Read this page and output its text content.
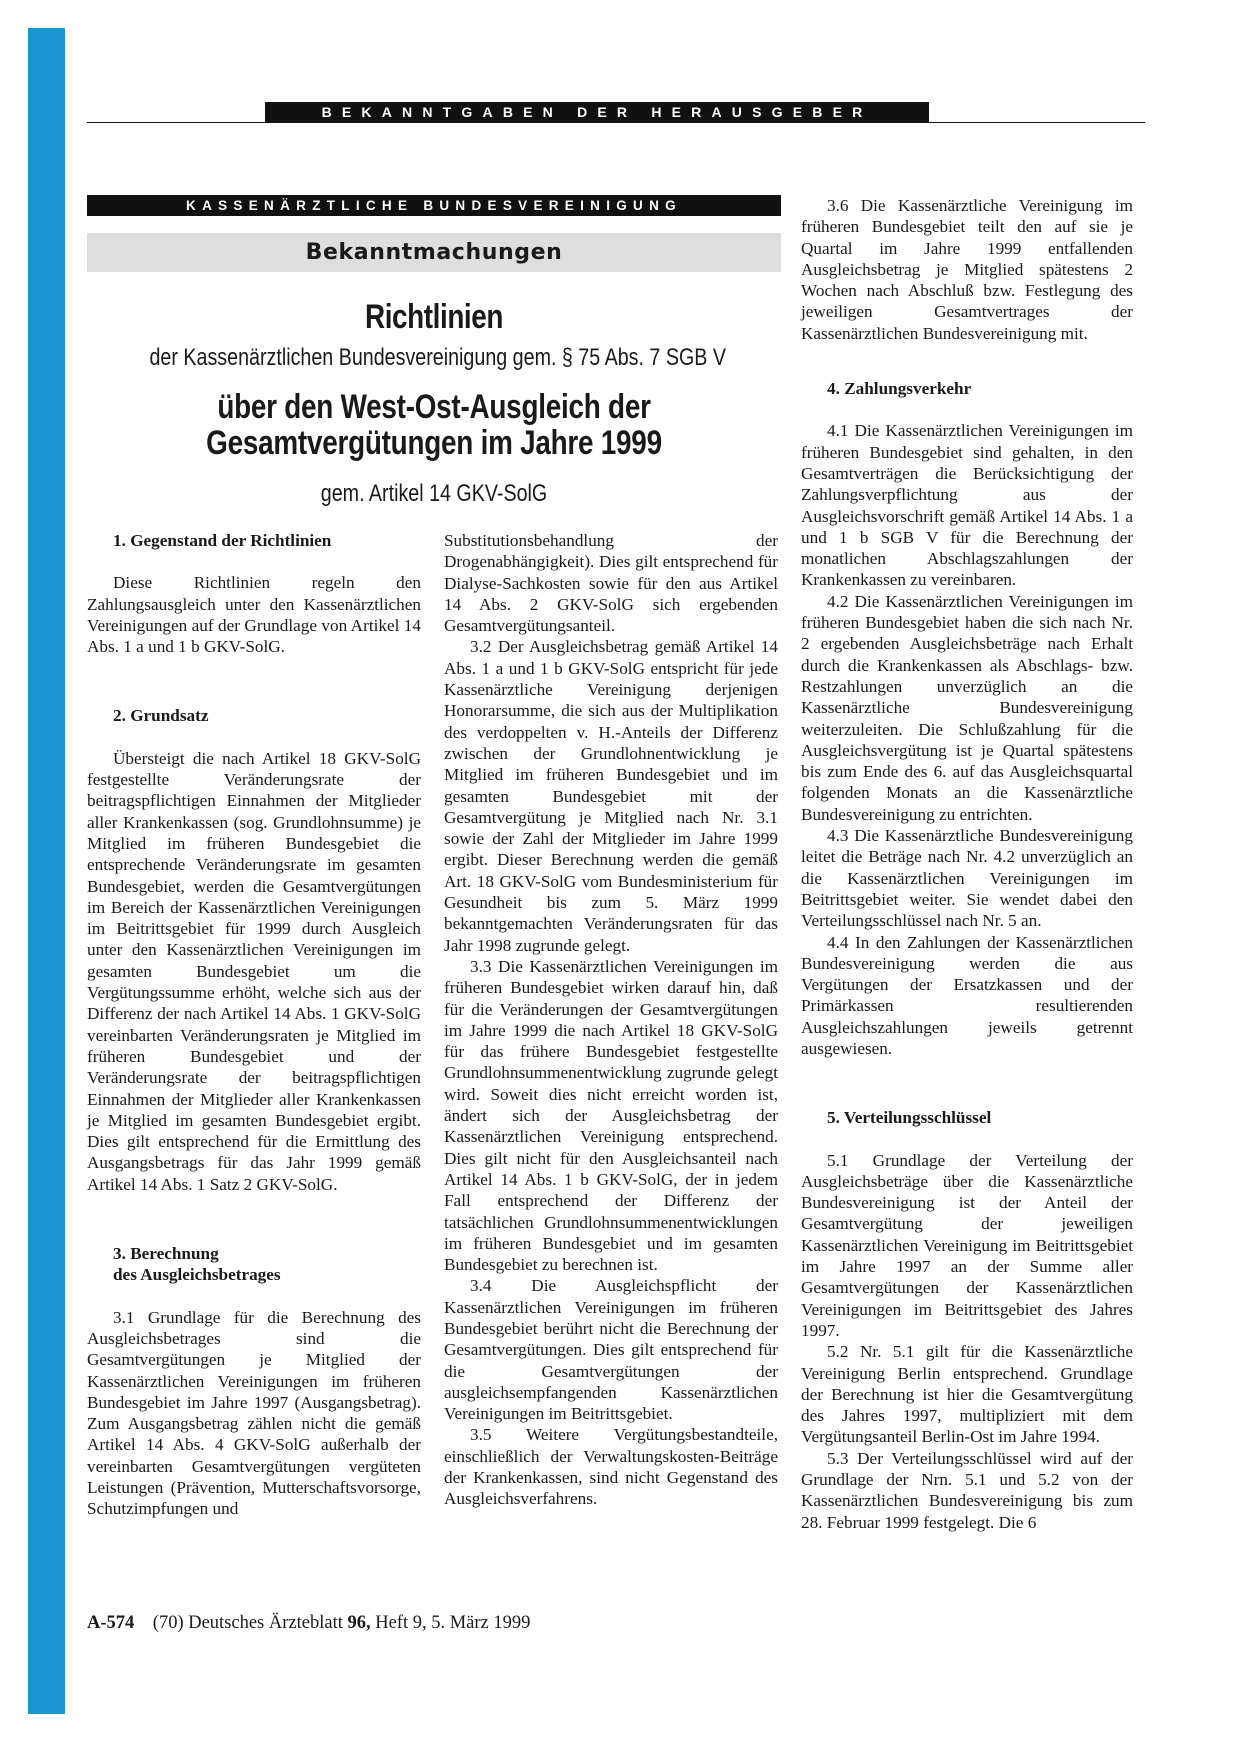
BEKANNTGABEN DER HERAUSGEBER
KASSENÄRZTLICHE BUNDESVEREINIGUNG
Bekanntmachungen
Richtlinien
der Kassenärztlichen Bundesvereinigung gem. § 75 Abs. 7 SGB V
über den West-Ost-Ausgleich der
Gesamtvergütungen im Jahre 1999
gem. Artikel 14 GKV-SolG
1. Gegenstand der Richtlinien

Diese Richtlinien regeln den Zahlungsausgleich unter den Kassenärztlichen Vereinigungen auf der Grundlage von Artikel 14 Abs. 1 a und 1 b GKV-SolG.

2. Grundsatz

Übersteigt die nach Artikel 18 GKV-SolG festgestellte Veränderungsrate der beitragspflichtigen Einnahmen der Mitglieder aller Krankenkassen (sog. Grundlohnsumme) je Mitglied im früheren Bundesgebiet die entsprechende Veränderungsrate im gesamten Bundesgebiet, werden die Gesamtvergütungen im Bereich der Kassenärztlichen Vereinigungen im Beitrittsgebiet für 1999 durch Ausgleich unter den Kassenärztlichen Vereinigungen im gesamten Bundesgebiet um die Vergütungssumme erhöht, welche sich aus der Differenz der nach Artikel 14 Abs. 1 GKV-SolG vereinbarten Veränderungsraten je Mitglied im früheren Bundesgebiet und der Veränderungsrate der beitragspflichtigen Einnahmen der Mitglieder aller Krankenkassen je Mitglied im gesamten Bundesgebiet ergibt. Dies gilt entsprechend für die Ermittlung des Ausgangsbetrags für das Jahr 1999 gemäß Artikel 14 Abs. 1 Satz 2 GKV-SolG.

3. Berechnung
des Ausgleichsbetrages

3.1 Grundlage für die Berechnung des Ausgleichsbetrages sind die Gesamtvergütungen je Mitglied der Kassenärztlichen Vereinigungen im früheren Bundesgebiet im Jahre 1997 (Ausgangsbetrag). Zum Ausgangsbetrag zählen nicht die gemäß Artikel 14 Abs. 4 GKV-SolG außerhalb der vereinbarten Gesamtvergütungen vergüteten Leistungen (Prävention, Mutterschaftsvorsorge, Schutzimpfungen und

Substitutionsbehandlung der Drogenabhängigkeit). Dies gilt entsprechend für Dialyse-Sachkosten sowie für den aus Artikel 14 Abs. 2 GKV-SolG sich ergebenden Gesamtvergütungsanteil.

3.2 Der Ausgleichsbetrag gemäß Artikel 14 Abs. 1 a und 1 b GKV-SolG entspricht für jede Kassenärztliche Vereinigung derjenigen Honorarsumme, die sich aus der Multiplikation des verdoppelten v. H.-Anteils der Differenz zwischen der Grundlohnentwicklung je Mitglied im früheren Bundesgebiet und im gesamten Bundesgebiet mit der Gesamtvergütung je Mitglied nach Nr. 3.1 sowie der Zahl der Mitglieder im Jahre 1999 ergibt. Dieser Berechnung werden die gemäß Art. 18 GKV-SolG vom Bundesministerium für Gesundheit bis zum 5. März 1999 bekanntgemachten Veränderungsraten für das Jahr 1998 zugrunde gelegt.

3.3 Die Kassenärztlichen Vereinigungen im früheren Bundesgebiet wirken darauf hin, daß für die Veränderungen der Gesamtvergütungen im Jahre 1999 die nach Artikel 18 GKV-SolG für das frühere Bundesgebiet festgestellte Grundlohnsummenentwicklung zugrunde gelegt wird. Soweit dies nicht erreicht worden ist, ändert sich der Ausgleichsbetrag der Kassenärztlichen Vereinigung entsprechend. Dies gilt nicht für den Ausgleichsanteil nach Artikel 14 Abs. 1 b GKV-SolG, der in jedem Fall entsprechend der Differenz der tatsächlichen Grundlohnsummenentwicklungen im früheren Bundesgebiet und im gesamten Bundesgebiet zu berechnen ist.

3.4 Die Ausgleichspflicht der Kassenärztlichen Vereinigungen im früheren Bundesgebiet berührt nicht die Berechnung der Gesamtvergütungen. Dies gilt entsprechend für die Gesamtvergütungen der ausgleichsempfangenden Kassenärztlichen Vereinigungen im Beitrittsgebiet.

3.5 Weitere Vergütungsbestandteile, einschließlich der Verwaltungskosten-Beiträge der Krankenkassen, sind nicht Gegenstand des Ausgleichsverfahrens.

3.6 Die Kassenärztliche Vereinigung im früheren Bundesgebiet teilt den auf sie je Quartal im Jahre 1999 entfallenden Ausgleichsbetrag je Mitglied spätestens 2 Wochen nach Abschluß bzw. Festlegung des jeweiligen Gesamtvertrages der Kassenärztlichen Bundesvereinigung mit.

4. Zahlungsverkehr

4.1 Die Kassenärztlichen Vereinigungen im früheren Bundesgebiet sind gehalten, in den Gesamtverträgen die Berücksichtigung der Zahlungsverpflichtung aus der Ausgleichsvorschrift gemäß Artikel 14 Abs. 1 a und 1 b SGB V für die Berechnung der monatlichen Abschlagszahlungen der Krankenkassen zu vereinbaren.

4.2 Die Kassenärztlichen Vereinigungen im früheren Bundesgebiet haben die sich nach Nr. 2 ergebenden Ausgleichsbeträge nach Erhalt durch die Krankenkassen als Abschlags- bzw. Restzahlungen unverzüglich an die Kassenärztliche Bundesvereinigung weiterzuleiten. Die Schlußzahlung für die Ausgleichsvergütung ist je Quartal spätestens bis zum Ende des 6. auf das Ausgleichsquartal folgenden Monats an die Kassenärztliche Bundesvereinigung zu entrichten.

4.3 Die Kassenärztliche Bundesvereinigung leitet die Beträge nach Nr. 4.2 unverzüglich an die Kassenärztlichen Vereinigungen im Beitrittsgebiet weiter. Sie wendet dabei den Verteilungsschlüssel nach Nr. 5 an.

4.4 In den Zahlungen der Kassenärztlichen Bundesvereinigung werden die aus Vergütungen der Ersatzkassen und der Primärkassen resultierenden Ausgleichszahlungen jeweils getrennt ausgewiesen.

5. Verteilungsschlüssel

5.1 Grundlage der Verteilung der Ausgleichsbeträge über die Kassenärztliche Bundesvereinigung ist der Anteil der Gesamtvergütung der jeweiligen Kassenärztlichen Vereinigung im Beitrittsgebiet im Jahre 1997 an der Summe aller Gesamtvergütungen der Kassenärztlichen Vereinigungen im Beitrittsgebiet des Jahres 1997.

5.2 Nr. 5.1 gilt für die Kassenärztliche Vereinigung Berlin entsprechend. Grundlage der Berechnung ist hier die Gesamtvergütung des Jahres 1997, multipliziert mit dem Vergütungsanteil Berlin-Ost im Jahre 1994.

5.3 Der Verteilungsschlüssel wird auf der Grundlage der Nrn. 5.1 und 5.2 von der Kassenärztlichen Bundesvereinigung bis zum 28. Februar 1999 festgelegt. Die 6

A-574 (70) Deutsches Ärzteblatt 96, Heft 9, 5. März 1999
